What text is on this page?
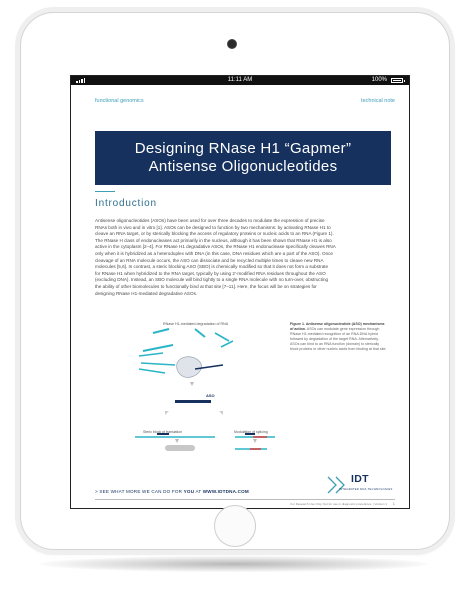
11:11 AM	100%
functional genomics	technical note
Designing RNase H1 “Gapmer”
Antisense Oligonucleotides
Introduction

Antisense oligonucleotides (ASOs) have been used for over three decades to modulate the expression of precise
RNAs both in vivo and in vitro [1]. ASOs can be designed to function by two mechanisms: by activating RNase H1 to
cleave an RNA target, or by sterically blocking the access of regulatory proteins or nucleic acids to an RNA (Figure 1).
The RNase H class of endonucleases act primarily in the nucleus, although it has been shown that RNase H1 is also
active in the cytoplasm [2–4]. For RNase H1 degradative ASOs, the RNase H1 endonuclease specifically cleaves RNA
only when it is hybridized as a heteroduplex with DNA (in this case, DNA residues which are a part of the ASO). Once
cleavage of an RNA molecule occurs, the ASO can dissociate and be recycled multiple times to cleave new RNA
molecules [5,6]. In contrast, a steric blocking ASO (SBO) is chemically modified so that it does not form a substrate
for RNase H1 when hybridized to the RNA target, typically by using 2'-modified RNA residues throughout the ASO
(excluding DNA). Instead, an SBO molecule will bind tightly to a single RNA molecule with no turn-over, obstructing
the ability of other biomolecules to functionally bind at that site [7–11]. Here, the focus will be on strategies for
designing RNase H1-mediated degradative ASOs.

RNase H1-mediated degradation of RNA
ASO
Steric block of translation	Modulation of splicing

Figure 1. Antisense oligonucleotide (ASO) mechanisms of action. ASOs can modulate gene expression through RNase H1-mediated recognition of an RNA:DNA hybrid followed by degradation of the target RNA. Alternatively, ASOs can bind to an RNA function (domain) to sterically block proteins or other nucleic acids from binding at that site.

> SEE WHAT MORE WE CAN DO FOR YOU AT WWW.IDTDNA.COM
IDT
INTEGRATED DNA TECHNOLOGIES
For Research Use Only. Not for use in diagnostic procedures. | Version 1 1
